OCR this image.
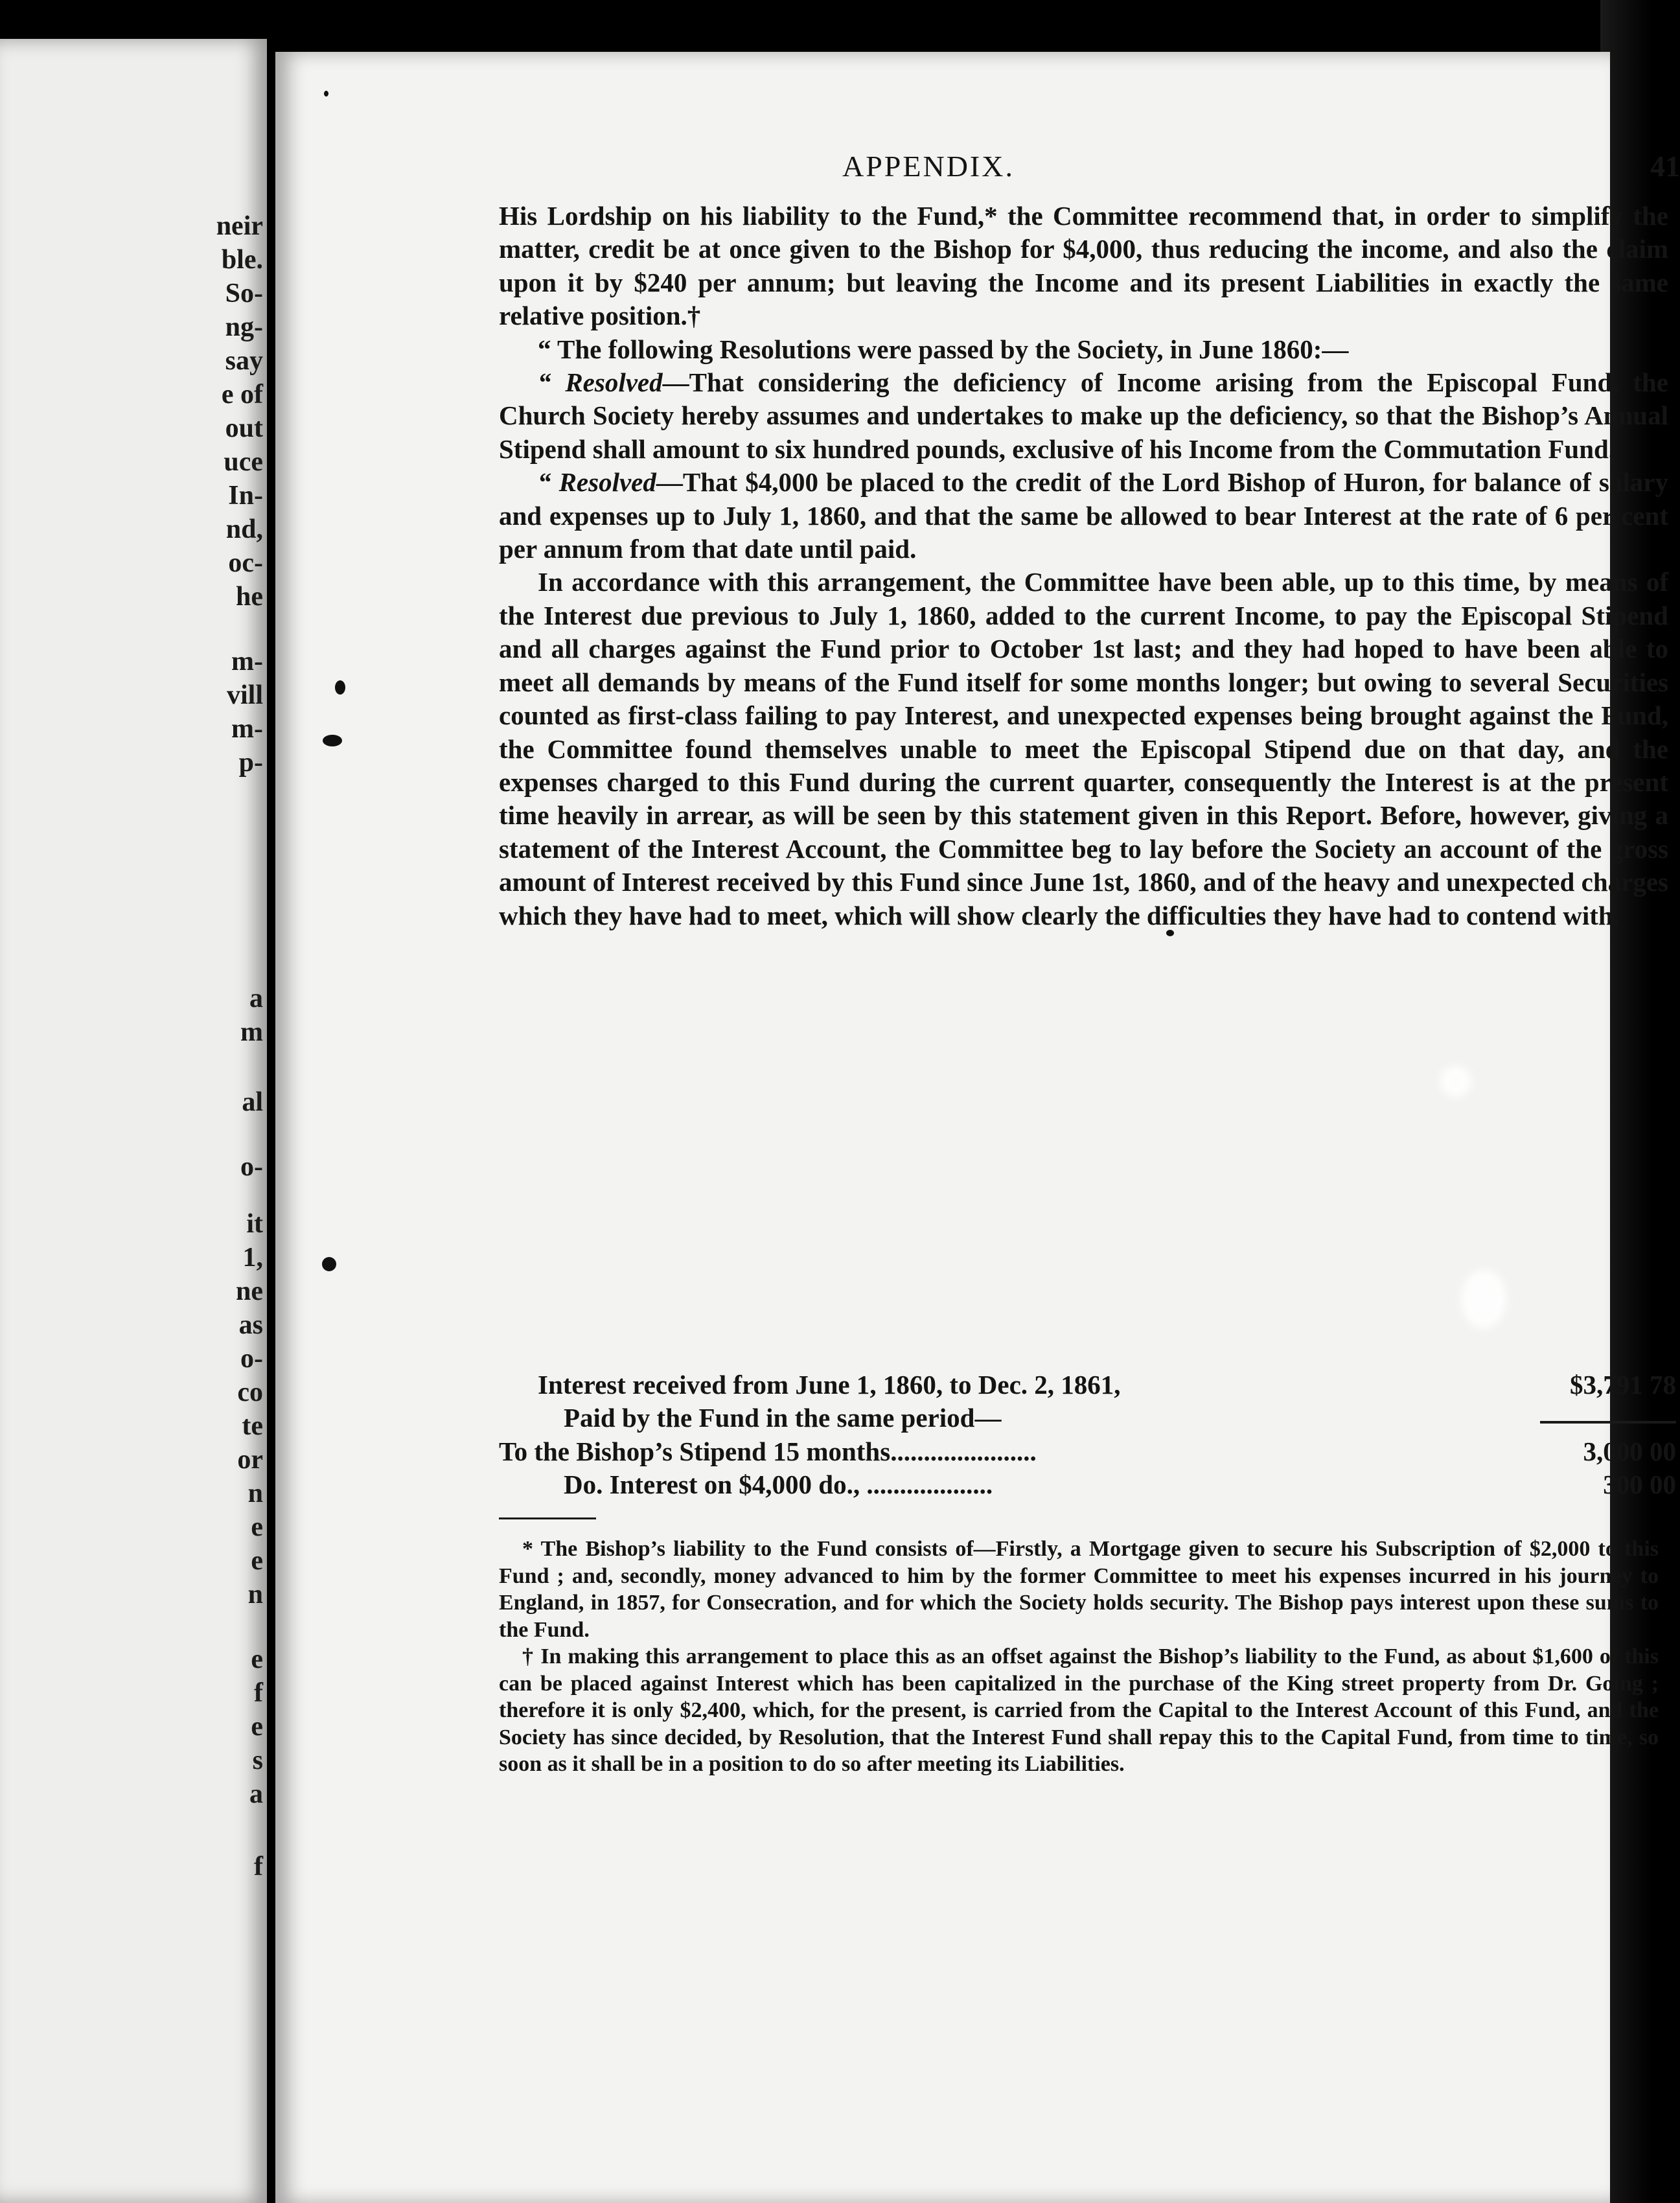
neir
ble.
So-
ng-
say
e of
out
uce
In-
nd,
oc-
he
m-
vill
m-
p-
a
m
al
o-
it
1,
ne
as
o-
co
te
or
n
e
e
n
e
f
e
s
a
f
APPENDIX.	41

His Lordship on his liability to the Fund,* the Committee recommend that, in order to simplify the matter, credit be at once given to the Bishop for $4,000, thus reducing the income, and also the claim upon it by $240 per annum; but leaving the Income and its present Liabilities in exactly the same relative position.†

“ The following Resolutions were passed by the Society, in June 1860:—

“ Resolved—That considering the deficiency of Income arising from the Episcopal Fund, the Church Society hereby assumes and undertakes to make up the deficiency, so that the Bishop’s Annual Stipend shall amount to six hundred pounds, exclusive of his Income from the Commutation Fund.

“ Resolved—That $4,000 be placed to the credit of the Lord Bishop of Huron, for balance of salary and expenses up to July 1, 1860, and that the same be allowed to bear Interest at the rate of 6 per cent per annum from that date until paid.

In accordance with this arrangement, the Committee have been able, up to this time, by means of the Interest due previous to July 1, 1860, added to the current Income, to pay the Episcopal Stipend and all charges against the Fund prior to October 1st last; and they had hoped to have been able to meet all demands by means of the Fund itself for some months longer; but owing to several Securities counted as first-class failing to pay Interest, and unexpected expenses being brought against the Fund, the Committee found themselves unable to meet the Episcopal Stipend due on that day, and the expenses charged to this Fund during the current quarter, consequently the Interest is at the present time heavily in arrear, as will be seen by this statement given in this Report. Before, however, giving a statement of the Interest Account, the Committee beg to lay before the Society an account of the gross amount of Interest received by this Fund since June 1st, 1860, and of the heavy and unexpected charges which they have had to meet, which will show clearly the difficulties they have had to contend with.

Interest received from June 1, 1860, to Dec. 2, 1861,	$3,791 78
Paid by the Fund in the same period—
To the Bishop’s Stipend 15 months......................	3,000 00
Do. Interest on $4,000 do., ...................	300 00

* The Bishop’s liability to the Fund consists of—Firstly, a Mortgage given to secure his Subscription of $2,000 to this Fund ; and, secondly, money advanced to him by the former Committee to meet his expenses incurred in his journey to England, in 1857, for Consecration, and for which the Society holds security. The Bishop pays interest upon these sums to the Fund.

† In making this arrangement to place this as an offset against the Bishop’s liability to the Fund, as about $1,600 of this can be placed against Interest which has been capitalized in the purchase of the King street property from Dr. Going ; therefore it is only $2,400, which, for the present, is carried from the Capital to the Interest Account of this Fund, and the Society has since decided, by Resolution, that the Interest Fund shall repay this to the Capital Fund, from time to time, so soon as it shall be in a position to do so after meeting its Liabilities.
